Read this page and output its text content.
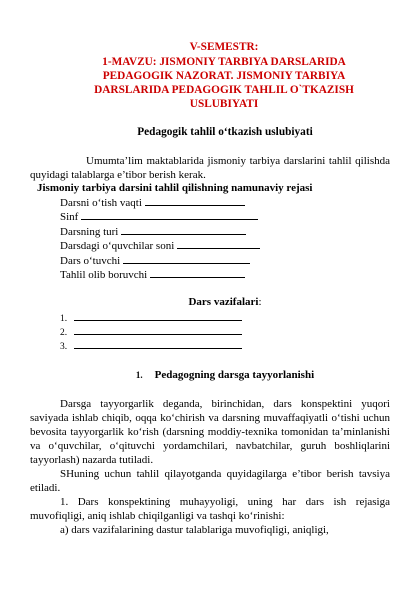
V-SEMESTR:
1-MAVZU: JISMONIY TARBIYA DARSLARIDA
PEDAGOGIK NAZORAT. JISMONIY TARBIYA
DARSLARIDA PEDAGOGIK TAHLIL O`TKAZISH
USLUBIYATI
Pedagogik tahlil o‘tkazish uslubiyati
Umumta’lim maktablarida jismoniy tarbiya darslarini tahlil qilishda quyidagi talablarga e’tibor berish kerak.
Jismoniy tarbiya darsini tahlil qilishning namunaviy rejasi
Darsni o‘tish vaqti
Sinf
Darsning turi
Darsdagi o‘quvchilar soni
Dars o‘tuvchi
Tahlil olib boruvchi
Dars vazifalari:
1.
2.
3.
1. Pedagogning darsga tayyorlanishi
Darsga tayyorgarlik deganda, birinchidan, dars konspektini yuqori saviyada ishlab chiqib, oqqa ko‘chirish va darsning muvaffaqiyatli o‘tishi uchun bevosita tayyorgarlik ko‘rish (darsning moddiy-texnika tomonidan ta’minlanishi va o‘quvchilar, o‘qituvchi yordamchilari, navbatchilar, guruh boshliqlarini tayyorlash) nazarda tutiladi.
SHuning uchun tahlil qilayotganda quyidagilarga e’tibor berish tavsiya etiladi.
1. Dars konspektining muhayyoligi, uning har dars ish rejasiga muvofiqligi, aniq ishlab chiqilganligi va tashqi ko‘rinishi:
a) dars vazifalarining dastur talablariga muvofiqligi, aniqligi,
